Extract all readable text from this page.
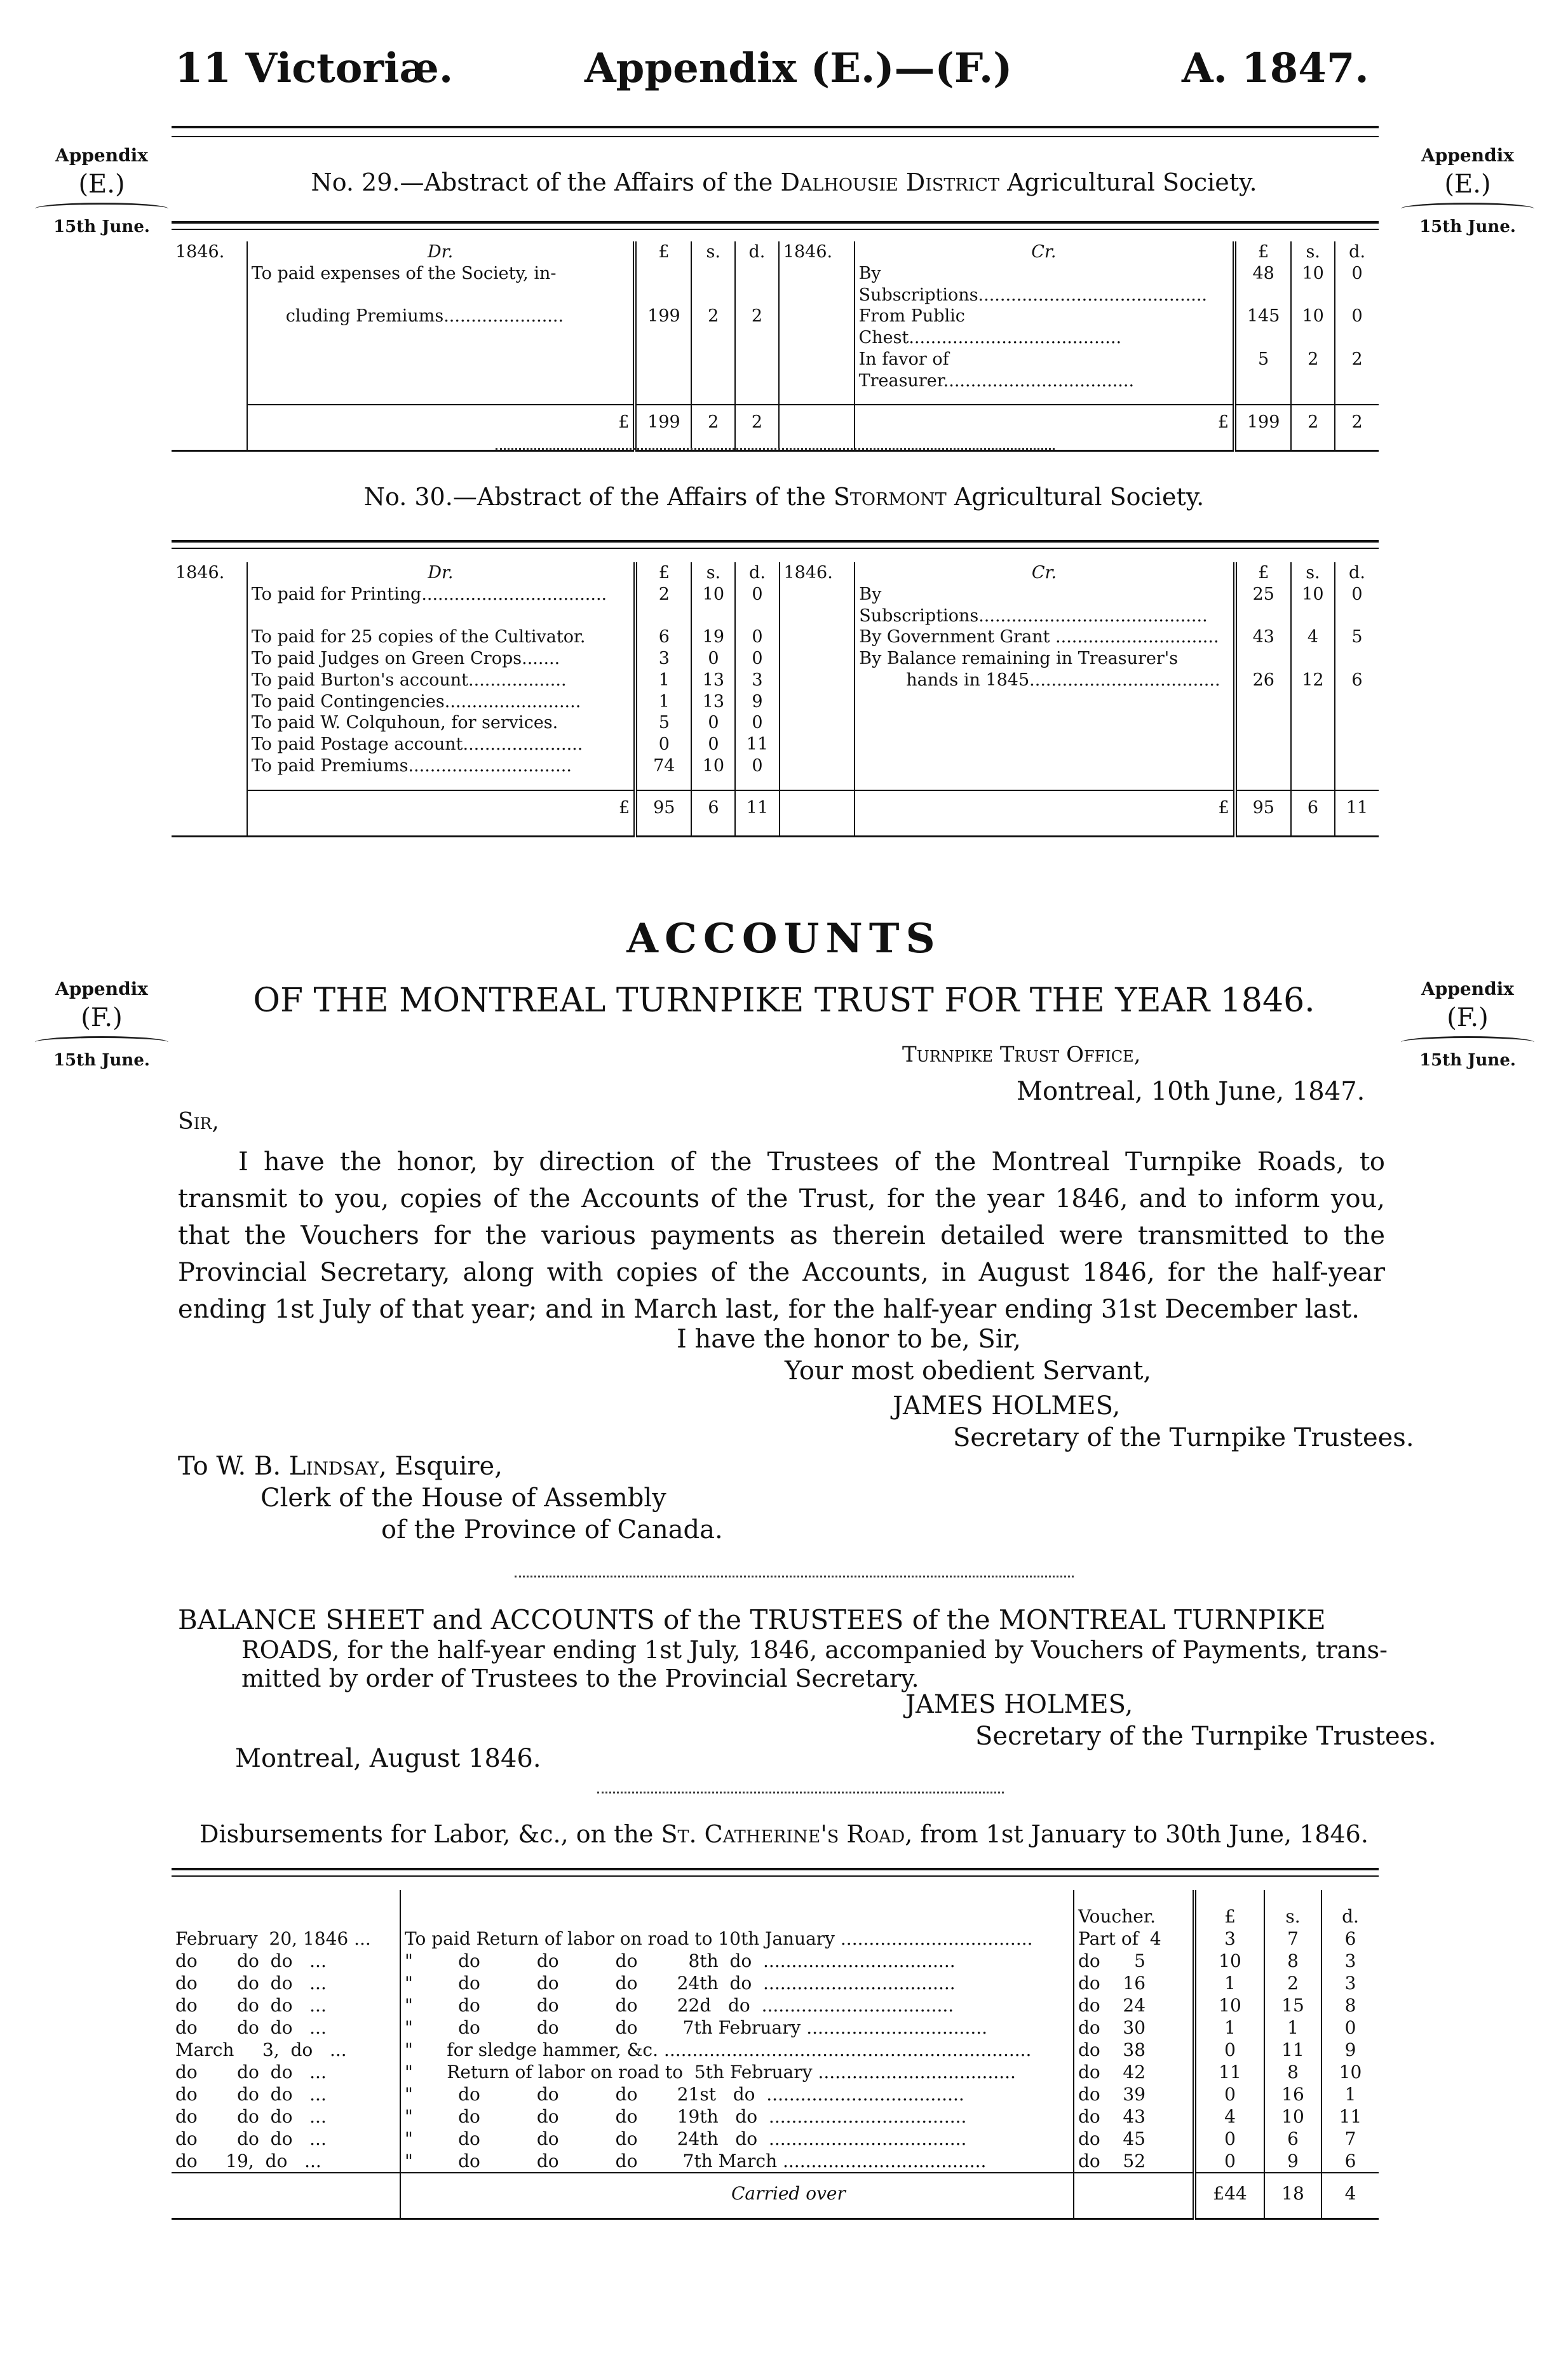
11 Victoriæ.	Appendix (E.)—(F.)	A. 1847.
Appendix
(E.)
15th June.
Appendix
(E.)
15th June.
No. 29.—Abstract of the Affairs of the Dalhousie District Agricultural Society.
1846.	Dr.	£	s.	d.	1846.	Cr.	£	s.	d.
	To paid expenses of the Society, in-					By Subscriptions..........................................	48	10	0
	cluding Premiums......................	199	2	2		From Public Chest.......................................	145	10	0
						In favor of Treasurer...................................	5	2	2

	£	199	2	2		£	199	2	2
No. 30.—Abstract of the Affairs of the Stormont Agricultural Society.
1846.	Dr.	£	s.	d.	1846.	Cr.	£	s.	d.
	To paid for Printing..................................	2	10	0		By Subscriptions..........................................	25	10	0
	To paid for 25 copies of the Cultivator.	6	19	0		By Government Grant ..............................	43	4	5
	To paid Judges on Green Crops.......	3	0	0		By Balance remaining in Treasurer's			
	To paid Burton's account..................	1	13	3		hands in 1845...................................	26	12	6
	To paid Contingencies.........................	1	13	9					
	To paid W. Colquhoun, for services.	5	0	0					
	To paid Postage account......................	0	0	11					
	To paid Premiums..............................	74	10	0					

	£	95	6	11		£	95	6	11
Appendix
(F.)
15th June.
Appendix
(F.)
15th June.
ACCOUNTS
OF THE MONTREAL TURNPIKE TRUST FOR THE YEAR 1846.
Turnpike Trust Office,
Montreal, 10th June, 1847.
Sir,
I have the honor, by direction of the Trustees of the Montreal Turnpike Roads, to transmit to you, copies of the Accounts of the Trust, for the year 1846, and to inform you, that the Vouchers for the various payments as therein detailed were transmitted to the Provincial Secretary, along with copies of the Accounts, in August 1846, for the half-year ending 1st July of that year; and in March last, for the half-year ending 31st December last.
I have the honor to be, Sir,
Your most obedient Servant,
JAMES HOLMES,
Secretary of the Turnpike Trustees.
To W. B. Lindsay, Esquire,
Clerk of the House of Assembly
of the Province of Canada.
BALANCE SHEET and ACCOUNTS of the TRUSTEES of the MONTREAL TURNPIKE
ROADS, for the half-year ending 1st July, 1846, accompanied by Vouchers of Payments, trans-
mitted by order of Trustees to the Provincial Secretary.
JAMES HOLMES,
Secretary of the Turnpike Trustees.
Montreal, August 1846.
Disbursements for Labor, &c., on the St. Catherine's Road, from 1st January to 30th June, 1846.
		Voucher.	£	s.	d.
February  20, 1846 ...	To paid Return of labor on road to 10th January ..................................	Part of  4	3	7	6
do       do  do   ...	"        do          do          do         8th  do  ..................................	do      5	10	8	3
do       do  do   ...	"        do          do          do       24th  do  ..................................	do    16	1	2	3
do       do  do   ...	"        do          do          do       22d   do  ..................................	do    24	10	15	8
do       do  do   ...	"        do          do          do        7th February ................................	do    30	1	1	0
March     3,  do   ...	"      for sledge hammer, &c. .................................................................	do    38	0	11	9
do       do  do   ...	"      Return of labor on road to  5th February ...................................	do    42	11	8	10
do       do  do   ...	"        do          do          do       21st   do  ...................................	do    39	0	16	1
do       do  do   ...	"        do          do          do       19th   do  ...................................	do    43	4	10	11
do       do  do   ...	"        do          do          do       24th   do  ...................................	do    45	0	6	7
do     19,  do   ...	"        do          do          do        7th March ....................................	do    52	0	9	6
	Carried over		£44	18	4
